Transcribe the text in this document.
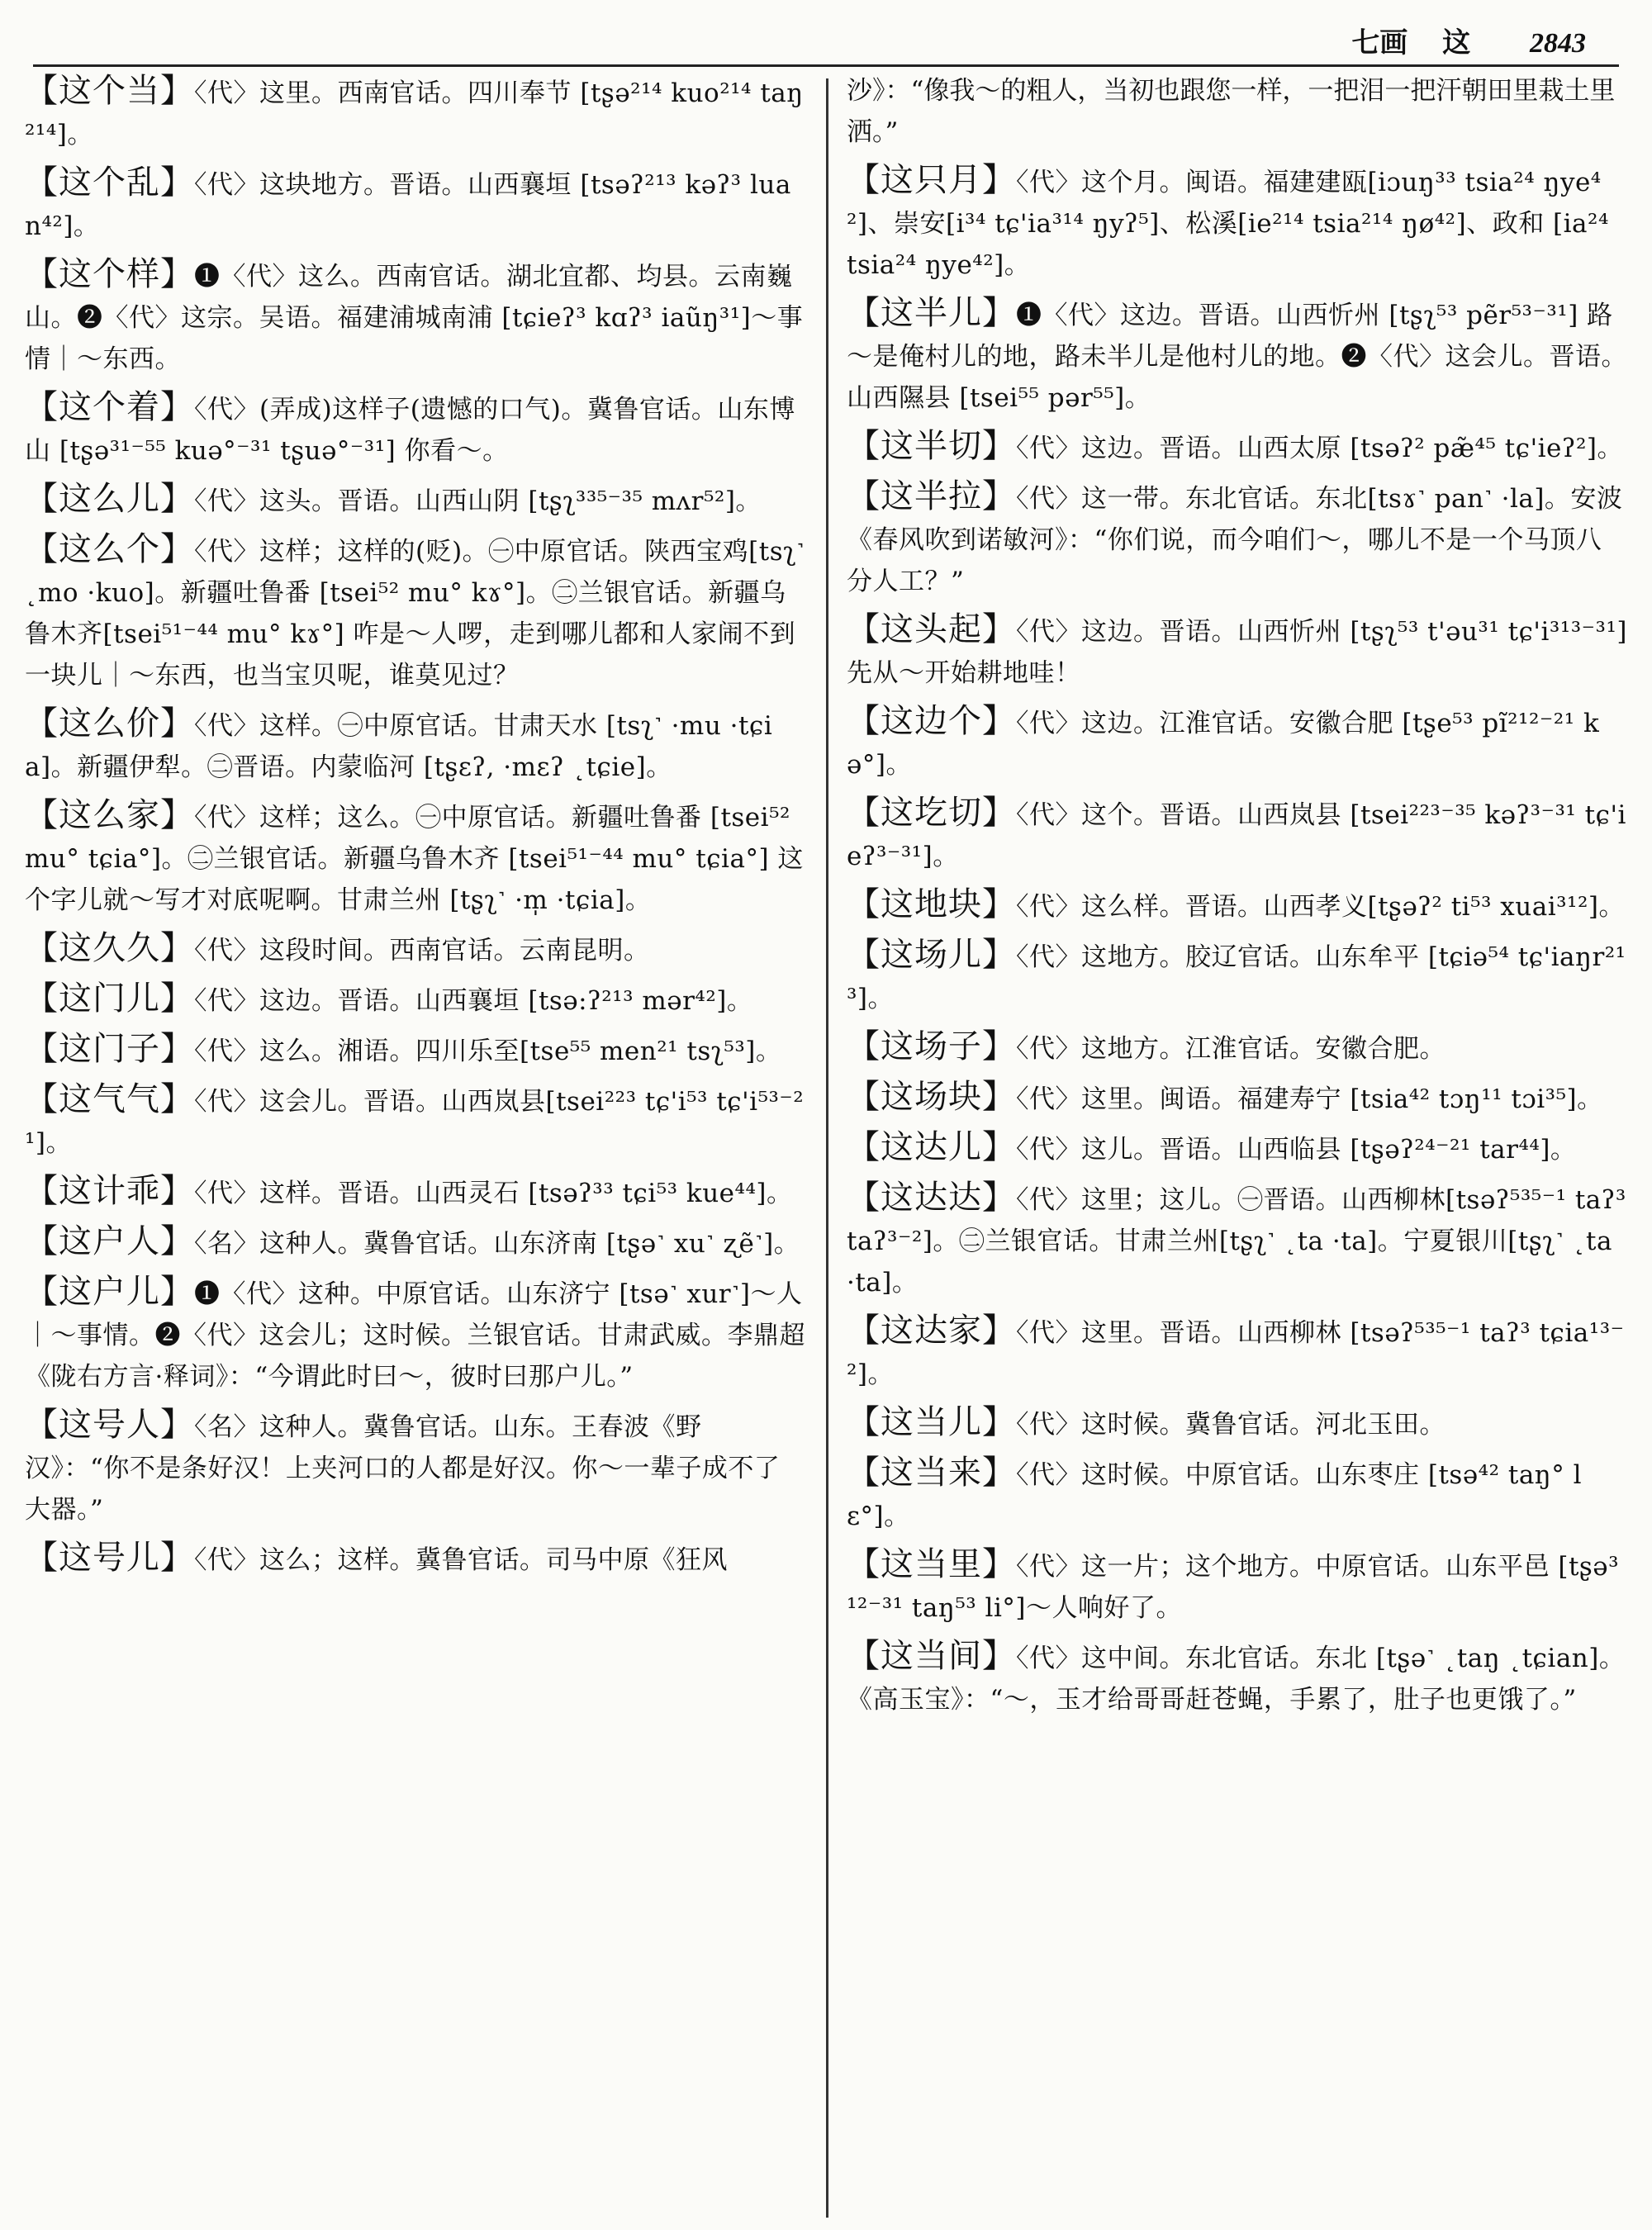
七画 这 2843
【这个当】〈代〉这里。西南官话。四川奉节 [tʂə²¹⁴ kuo²¹⁴ taŋ²¹⁴]。
【这个乱】〈代〉这块地方。晋语。山西襄垣 [tsəʔ²¹³ kəʔ³ luan⁴²]。
【这个样】❶〈代〉这么。西南官话。湖北宜都、均县。云南巍山。❷〈代〉这宗。吴语。福建浦城南浦 [tɕieʔ³ kɑʔ³ iaũŋ³¹]～事情｜～东西。
【这个着】〈代〉(弄成)这样子(遗憾的口气)。冀鲁官话。山东博山 [tʂə³¹⁻⁵⁵ kuə°⁻³¹ tʂuə°⁻³¹] 你看～。
【这么儿】〈代〉这头。晋语。山西山阴 [tʂʅ³³⁵⁻³⁵ mʌr⁵²]。
【这么个】〈代〉这样；这样的(贬)。㊀中原官话。陕西宝鸡[tsʅ˺ ˛mo ·kuo]。新疆吐鲁番 [tsei⁵² mu° kɤ°]。㊁兰银官话。新疆乌鲁木齐[tsei⁵¹⁻⁴⁴ mu° kɤ°] 咋是～人啰，走到哪儿都和人家闹不到一块儿｜～东西，也当宝贝呢，谁莫见过？
【这么价】〈代〉这样。㊀中原官话。甘肃天水 [tsʅ˺ ·mu ·tɕia]。新疆伊犁。㊁晋语。内蒙临河 [tʂɛʔ, ·mɛʔ ˛tɕie]。
【这么家】〈代〉这样；这么。㊀中原官话。新疆吐鲁番 [tsei⁵² mu° tɕia°]。㊁兰银官话。新疆乌鲁木齐 [tsei⁵¹⁻⁴⁴ mu° tɕia°] 这个字儿就～写才对底呢啊。甘肃兰州 [tʂʅ˺ ·m̩ ·tɕia]。
【这久久】〈代〉这段时间。西南官话。云南昆明。
【这门儿】〈代〉这边。晋语。山西襄垣 [tsə:ʔ²¹³ mər⁴²]。
【这门子】〈代〉这么。湘语。四川乐至[tse⁵⁵ men²¹ tsʅ⁵³]。
【这气气】〈代〉这会儿。晋语。山西岚县[tsei²²³ tɕ'i⁵³ tɕ'i⁵³⁻²¹]。
【这计乖】〈代〉这样。晋语。山西灵石 [tsəʔ³³ tɕi⁵³ kue⁴⁴]。
【这户人】〈名〉这种人。冀鲁官话。山东济南 [tʂə˺ xu˺ ʐẽ˺]。
【这户儿】❶〈代〉这种。中原官话。山东济宁 [tsə˺ xur˺]～人｜～事情。❷〈代〉这会儿；这时候。兰银官话。甘肃武威。李鼎超《陇右方言·释词》：“今谓此时曰～，彼时曰那户儿。”
【这号人】〈名〉这种人。冀鲁官话。山东。王春波《野汉》：“你不是条好汉！上夹河口的人都是好汉。你～一辈子成不了大器。”
【这号儿】〈代〉这么；这样。冀鲁官话。司马中原《狂风
沙》：“像我～的粗人，当初也跟您一样，一把泪一把汗朝田里栽土里洒。”
【这只月】〈代〉这个月。闽语。福建建瓯[iɔuŋ³³ tsia²⁴ ŋye⁴²]、崇安[i³⁴ tɕ'ia³¹⁴ ŋyʔ⁵]、松溪[ie²¹⁴ tsia²¹⁴ ŋø⁴²]、政和 [ia²⁴ tsia²⁴ ŋye⁴²]。
【这半儿】❶〈代〉这边。晋语。山西忻州 [tʂʅ⁵³ pẽr⁵³⁻³¹] 路～是俺村儿的地，路未半儿是他村儿的地。❷〈代〉这会儿。晋语。山西隰县 [tsei⁵⁵ pər⁵⁵]。
【这半切】〈代〉这边。晋语。山西太原 [tsəʔ² pæ̃⁴⁵ tɕ'ieʔ²]。
【这半拉】〈代〉这一带。东北官话。东北[tsɤ˺ pan˺ ·la]。安波《春风吹到诺敏河》：“你们说，而今咱们～，哪儿不是一个马顶八分人工？”
【这头起】〈代〉这边。晋语。山西忻州 [tʂʅ⁵³ t'əu³¹ tɕ'i³¹³⁻³¹] 先从～开始耕地哇！
【这边个】〈代〉这边。江淮官话。安徽合肥 [tʂe⁵³ pĩ²¹²⁻²¹ kə°]。
【这圪切】〈代〉这个。晋语。山西岚县 [tsei²²³⁻³⁵ kəʔ³⁻³¹ tɕ'ieʔ³⁻³¹]。
【这地块】〈代〉这么样。晋语。山西孝义[tʂəʔ² ti⁵³ xuai³¹²]。
【这场儿】〈代〉这地方。胶辽官话。山东牟平 [tɕiə⁵⁴ tɕ'iaŋr²¹³]。
【这场子】〈代〉这地方。江淮官话。安徽合肥。
【这场块】〈代〉这里。闽语。福建寿宁 [tsia⁴² tɔŋ¹¹ tɔi³⁵]。
【这达儿】〈代〉这儿。晋语。山西临县 [tʂəʔ²⁴⁻²¹ tar⁴⁴]。
【这达达】〈代〉这里；这儿。㊀晋语。山西柳林[tsəʔ⁵³⁵⁻¹ taʔ³ taʔ³⁻²]。㊁兰银官话。甘肃兰州[tʂʅ˺ ˛ta ·ta]。宁夏银川[tʂʅ˺ ˛ta ·ta]。
【这达家】〈代〉这里。晋语。山西柳林 [tsəʔ⁵³⁵⁻¹ taʔ³ tɕia¹³⁻²]。
【这当儿】〈代〉这时候。冀鲁官话。河北玉田。
【这当来】〈代〉这时候。中原官话。山东枣庄 [tsə⁴² taŋ° lɛ°]。
【这当里】〈代〉这一片；这个地方。中原官话。山东平邑 [tʂə³¹²⁻³¹ taŋ⁵³ li°]～人响好了。
【这当间】〈代〉这中间。东北官话。东北 [tʂə˺ ˛taŋ ˛tɕian]。《高玉宝》：“～，玉才给哥哥赶苍蝇，手累了，肚子也更饿了。”
